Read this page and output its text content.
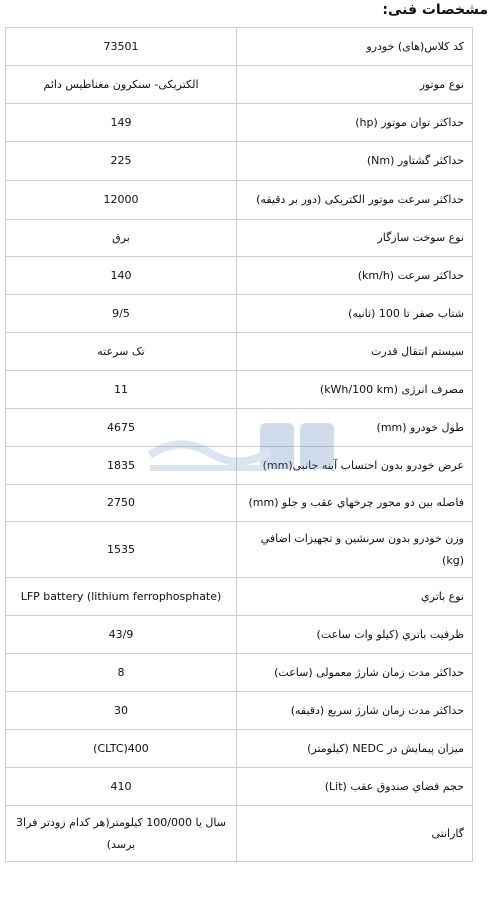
مشخصات فنی:
کد کلاس(های) خودرو
73501
نوع موتور
الکتریکی- سنکرون مغناطیس دائم
حداکثر توان موتور (hp)
149
حداکثر گشتاور (Nm)
225
حداکثر سرعت موتور الکتریکی (دور بر دقیقه)
12000
نوع سوخت سازگار
برق
حداکثر سرعت (km/h)
140
شتاب صفر تا 100 (ثانیه)
9/5
سیستم انتقال قدرت
تک سرعته
مصرف انرژی (kWh/100 km)
11
طول خودرو (mm)
4675
عرض خودرو بدون احتساب آینه جانبی(mm)
1835
فاصله بین دو محور چرخهاي عقب و جلو (mm)
2750
وزن خودرو بدون سرنشین و تجهیزات اضافي (kg)
1535
نوع باتري
LFP battery (lithium ferrophosphate)
ظرفیت باتري (کیلو وات ساعت)
43/9
حداکثر مدت زمان شارژ معمولی (ساعت)
8
حداکثر مدت زمان شارژ سریع (دقیقه)
30
میزان پیمایش در NEDC (کیلومتر)
(CLTC)400
حجم فضاي صندوق عقب (Lit)
410
گارانتی
3سال یا 100/000 کیلومتر(هر کدام زودتر فرا برسد)
